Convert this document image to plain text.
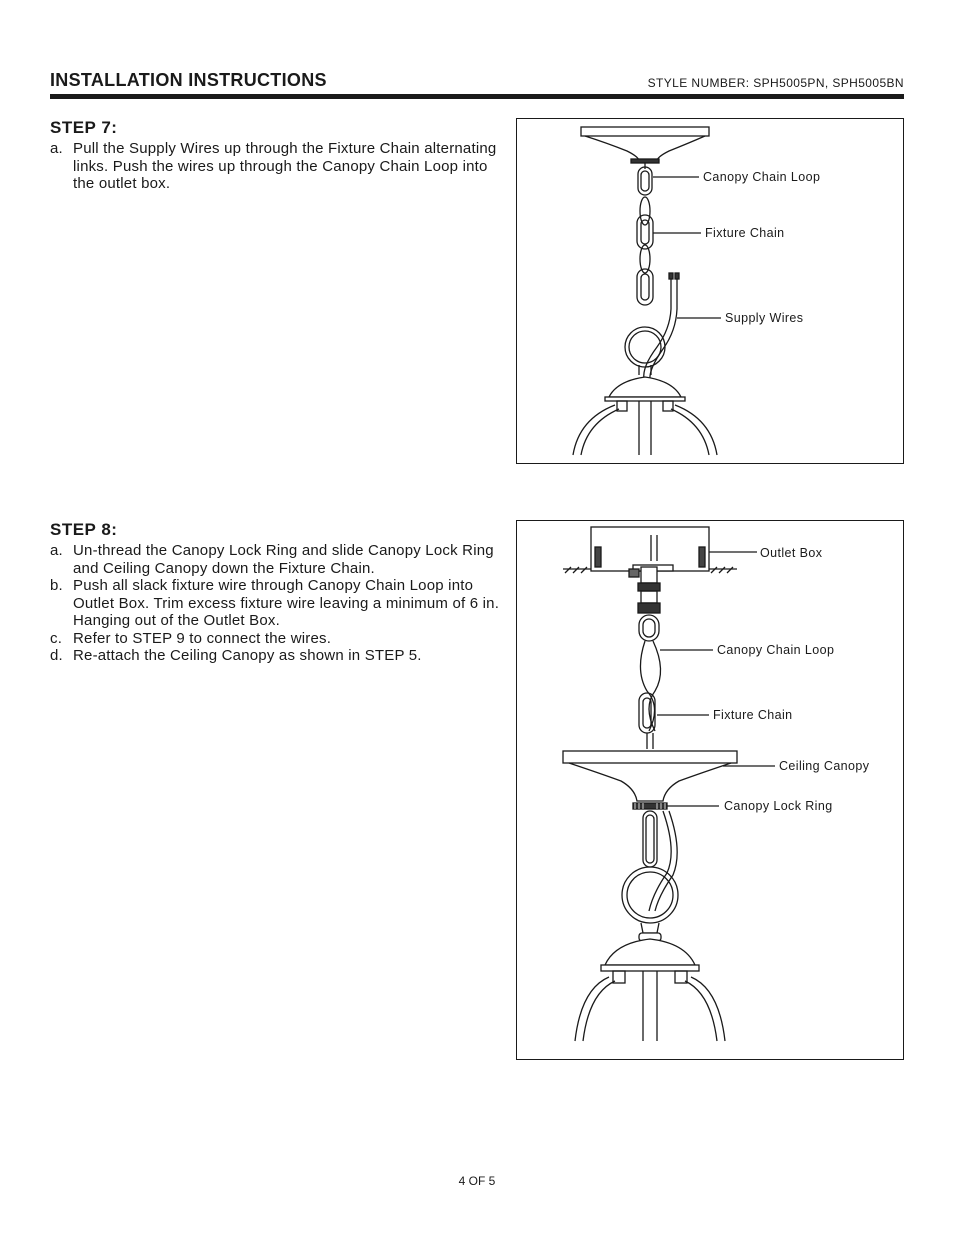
INSTALLATION INSTRUCTIONS	STYLE NUMBER: SPH5005PN, SPH5005BN
STEP 7:
a. Pull the Supply Wires up through the Fixture Chain alternating links. Push the wires up through the Canopy Chain Loop into the outlet box.	Canopy Chain Loop
Fixture Chain
Supply Wires
STEP 8:
a. Un-thread the Canopy Lock Ring and slide Canopy Lock Ring and Ceiling Canopy down the Fixture Chain.
b. Push all slack fixture wire through Canopy Chain Loop into Outlet Box. Trim excess fixture wire leaving a minimum of 6 in. Hanging out of the Outlet Box.
c. Refer to STEP 9 to connect the wires.
d. Re-attach the Ceiling Canopy as shown in STEP 5.
Outlet Box
Canopy Chain Loop
Fixture Chain
Ceiling Canopy
Canopy Lock Ring
4 OF 5
